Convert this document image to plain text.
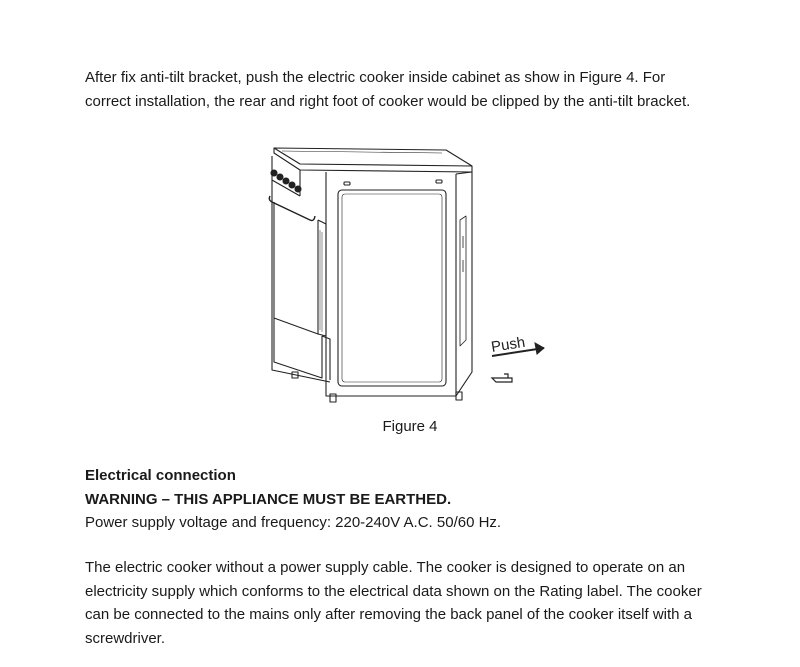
After fix anti-tilt bracket, push the electric cooker inside cabinet as show in Figure 4. For
correct installation, the rear and right foot of cooker would be clipped by the anti-tilt bracket.
Push
Figure 4
Electrical connection
WARNING – THIS APPLIANCE MUST BE EARTHED.
Power supply voltage and frequency: 220-240V A.C. 50/60 Hz.
The electric cooker without a power supply cable. The cooker is designed to operate on an
electricity supply which conforms to the electrical data shown on the Rating label. The cooker
can be connected to the mains only after removing the back panel of the cooker itself with a
screwdriver.
